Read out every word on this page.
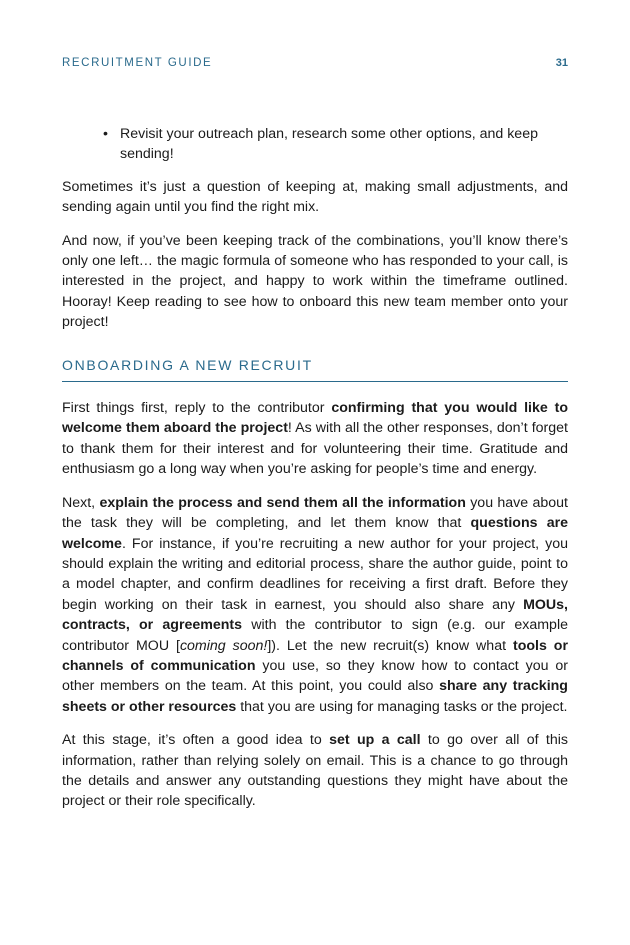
RECRUITMENT GUIDE	31
• Revisit your outreach plan, research some other options, and keep sending!

Sometimes it’s just a question of keeping at, making small adjustments, and sending again until you find the right mix.

And now, if you’ve been keeping track of the combinations, you’ll know there’s only one left… the magic formula of someone who has responded to your call, is interested in the project, and happy to work within the timeframe outlined. Hooray! Keep reading to see how to onboard this new team member onto your project!

ONBOARDING A NEW RECRUIT

First things first, reply to the contributor confirming that you would like to welcome them aboard the project! As with all the other responses, don’t forget to thank them for their interest and for volunteering their time. Gratitude and enthusiasm go a long way when you’re asking for people’s time and energy.

Next, explain the process and send them all the information you have about the task they will be completing, and let them know that questions are welcome. For instance, if you’re recruiting a new author for your project, you should explain the writing and editorial process, share the author guide, point to a model chapter, and confirm deadlines for receiving a first draft. Before they begin working on their task in earnest, you should also share any MOUs, contracts, or agreements with the contributor to sign (e.g. our example contributor MOU [coming soon!]). Let the new recruit(s) know what tools or channels of communication you use, so they know how to contact you or other members on the team. At this point, you could also share any tracking sheets or other resources that you are using for managing tasks or the project.

At this stage, it’s often a good idea to set up a call to go over all of this information, rather than relying solely on email. This is a chance to go through the details and answer any outstanding questions they might have about the project or their role specifically.
